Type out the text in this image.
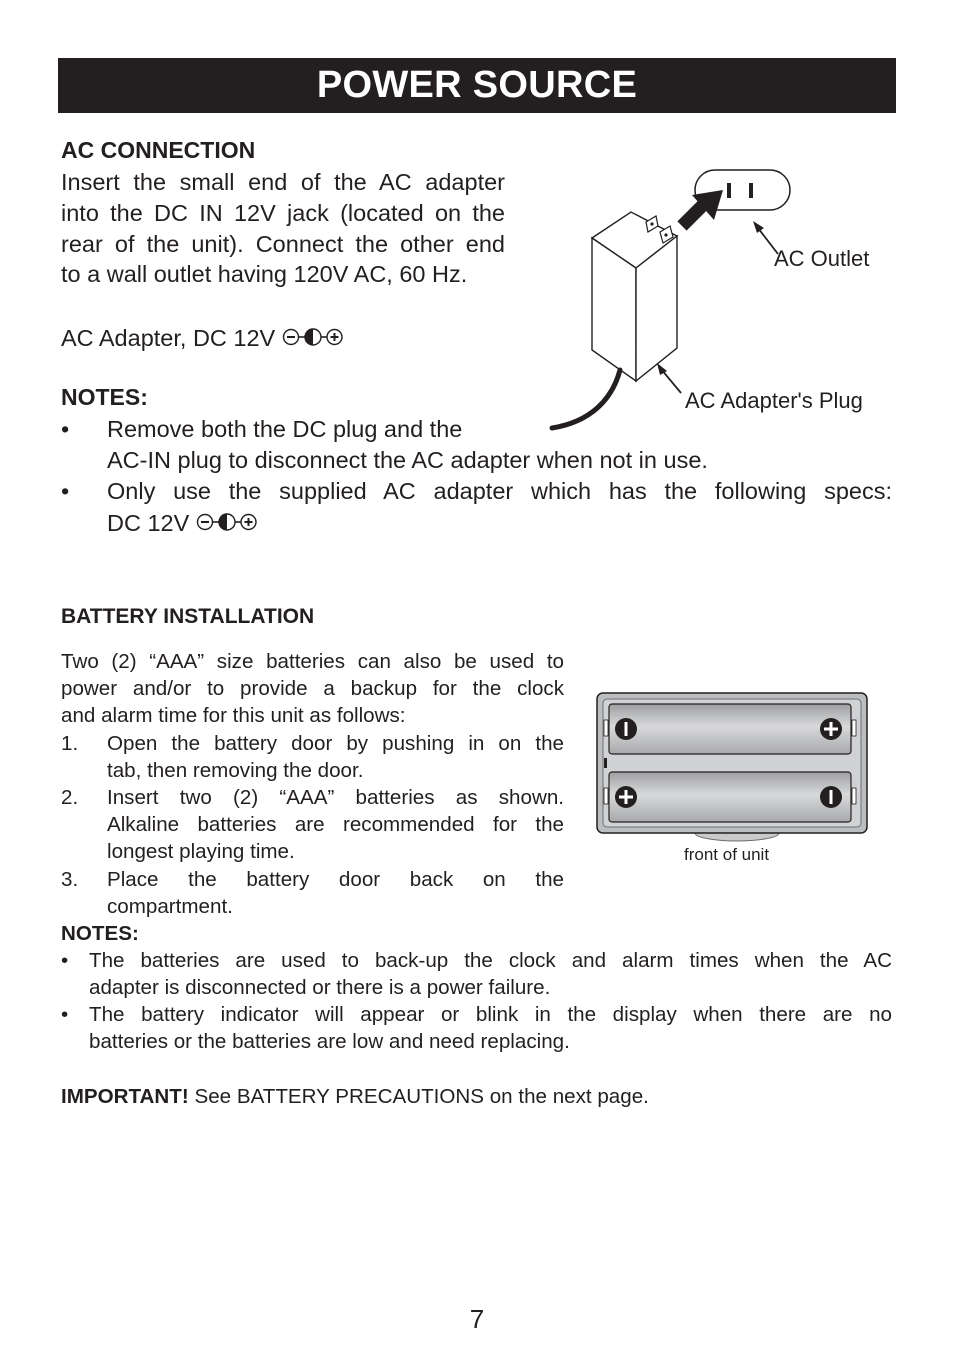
POWER SOURCE
AC CONNECTION
Insert the small end of the AC adapter
into the DC IN 12V jack (located on the
rear of the unit). Connect the other end
to a wall outlet having 120V AC, 60 Hz.
AC Adapter, DC 12V
NOTES:
• Remove both the DC plug and the
AC-IN plug to disconnect the AC adapter when not in use.
• Only use the supplied AC adapter which has the following specs:
DC 12V
AC Outlet
AC Adapter's Plug
BATTERY INSTALLATION
Two (2) “AAA” size batteries can also be used to
power and/or to provide a backup for the clock
and alarm time for this unit as follows:
1. Open the battery door by pushing in on the
tab, then removing the door.
2. Insert two (2) “AAA” batteries as shown.
Alkaline batteries are recommended for the
longest playing time.
3. Place the battery door back on the
compartment.
NOTES:
• The batteries are used to back-up the clock and alarm times when the AC
adapter is disconnected or there is a power failure.
• The battery indicator will appear or blink in the display when there are no
batteries or the batteries are low and need replacing.
front of unit
IMPORTANT! See BATTERY PRECAUTIONS on the next page.
7
